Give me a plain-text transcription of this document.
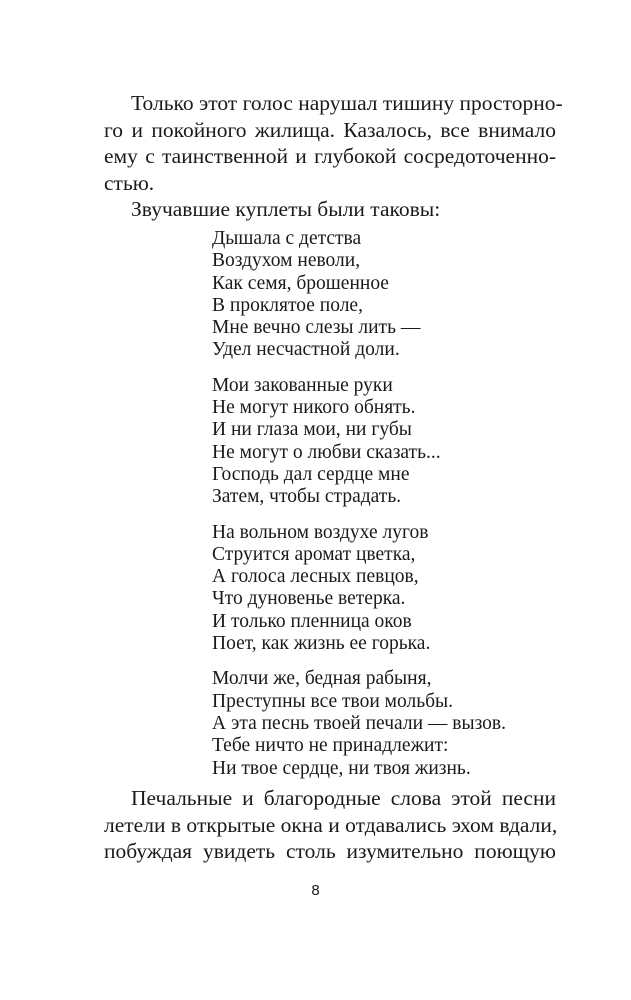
Только этот голос нарушал тишину просторно-
го и покойного жилища. Казалось, все внимало
ему с таинственной и глубокой сосредоточенно-
стью.
Звучавшие куплеты были таковы:
Дышала с детства
Воздухом неволи,
Как семя, брошенное
В проклятое поле,
Мне вечно слезы лить —
Удел несчастной доли.
Мои закованные руки
Не могут никого обнять.
И ни глаза мои, ни губы
Не могут о любви сказать...
Господь дал сердце мне
Затем, чтобы страдать.
На вольном воздухе лугов
Струится аромат цветка,
А голоса лесных певцов,
Что дуновенье ветерка.
И только пленница оков
Поет, как жизнь ее горька.
Молчи же, бедная рабыня,
Преступны все твои мольбы.
А эта песнь твоей печали — вызов.
Тебе ничто не принадлежит:
Ни твое сердце, ни твоя жизнь.
Печальные и благородные слова этой песни
летели в открытые окна и отдавались эхом вдали,
побуждая увидеть столь изумительно поющую
8
